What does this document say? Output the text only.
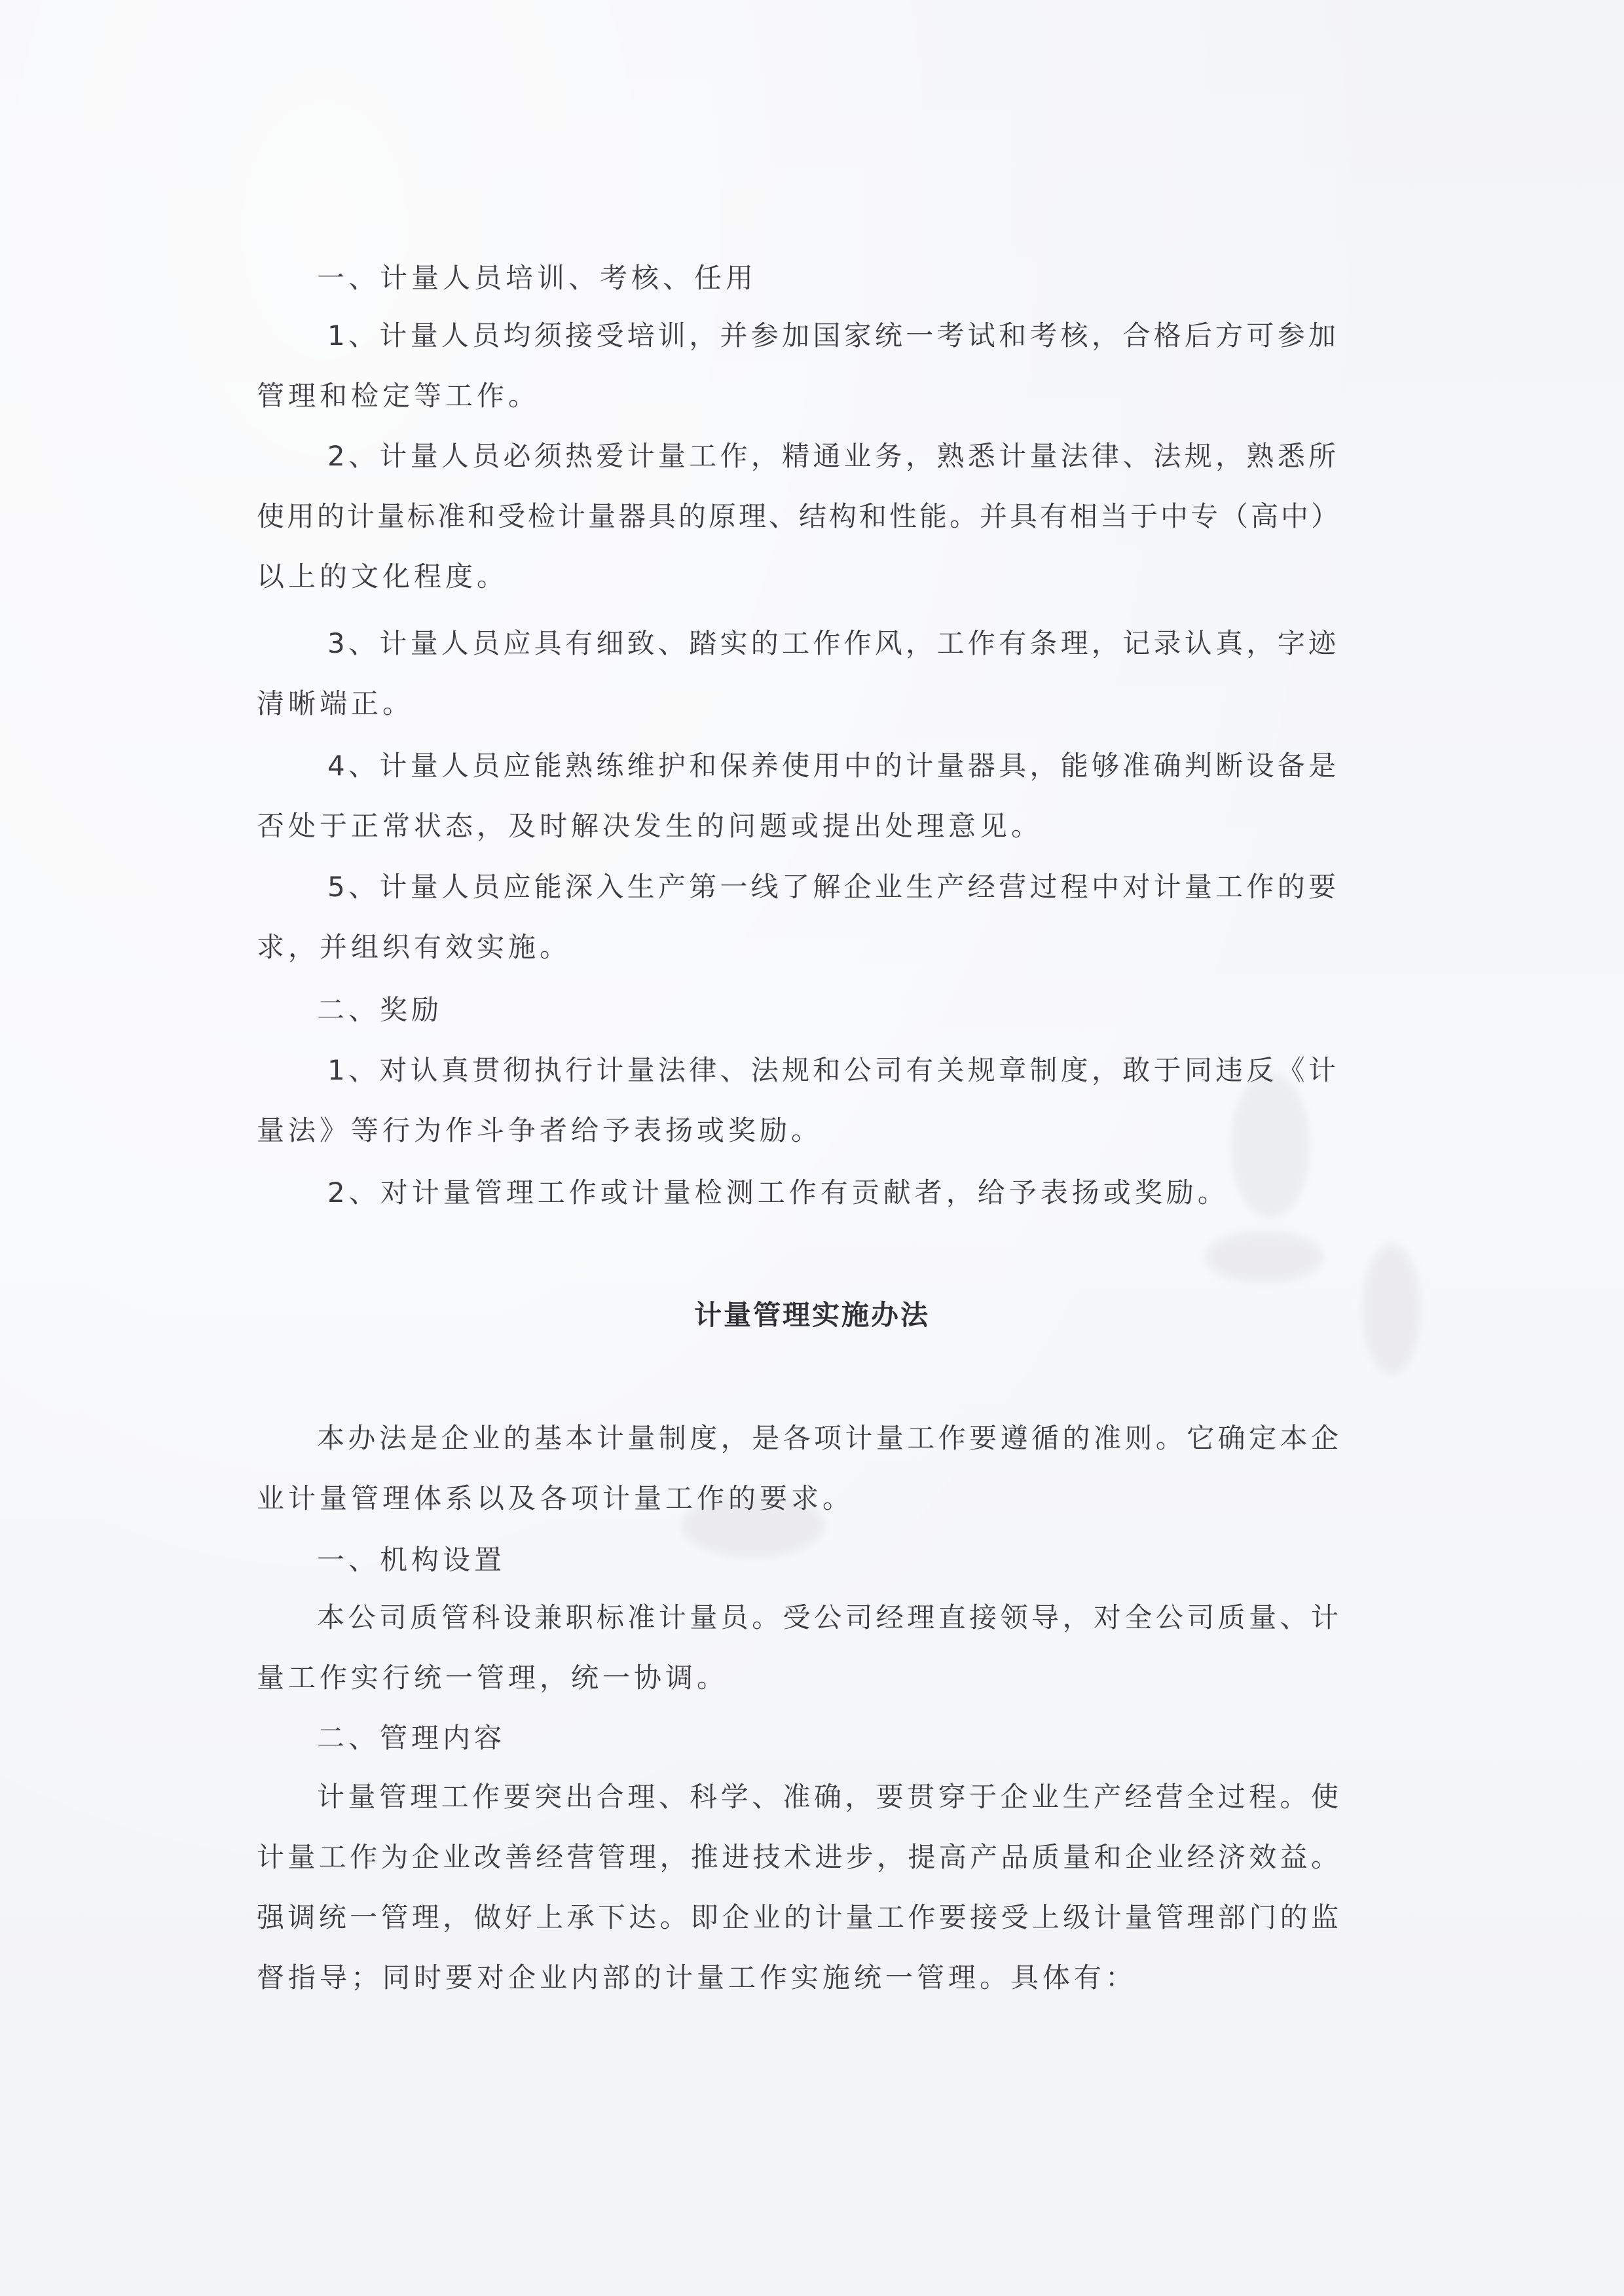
一、计量人员培训、考核、任用
1、计量人员均须接受培训，并参加国家统一考试和考核，合格后方可参加
管理和检定等工作。
2、计量人员必须热爱计量工作，精通业务，熟悉计量法律、法规，熟悉所
使用的计量标准和受检计量器具的原理、结构和性能。并具有相当于中专（高中）
以上的文化程度。
3、计量人员应具有细致、踏实的工作作风，工作有条理，记录认真，字迹
清晰端正。
4、计量人员应能熟练维护和保养使用中的计量器具，能够准确判断设备是
否处于正常状态，及时解决发生的问题或提出处理意见。
5、计量人员应能深入生产第一线了解企业生产经营过程中对计量工作的要
求，并组织有效实施。
二、奖励
1、对认真贯彻执行计量法律、法规和公司有关规章制度，敢于同违反《计
量法》等行为作斗争者给予表扬或奖励。
2、对计量管理工作或计量检测工作有贡献者，给予表扬或奖励。
计量管理实施办法
本办法是企业的基本计量制度，是各项计量工作要遵循的准则。它确定本企
业计量管理体系以及各项计量工作的要求。
一、机构设置
本公司质管科设兼职标准计量员。受公司经理直接领导，对全公司质量、计
量工作实行统一管理，统一协调。
二、管理内容
计量管理工作要突出合理、科学、准确，要贯穿于企业生产经营全过程。使
计量工作为企业改善经营管理，推进技术进步，提高产品质量和企业经济效益。
强调统一管理，做好上承下达。即企业的计量工作要接受上级计量管理部门的监
督指导；同时要对企业内部的计量工作实施统一管理。具体有：
